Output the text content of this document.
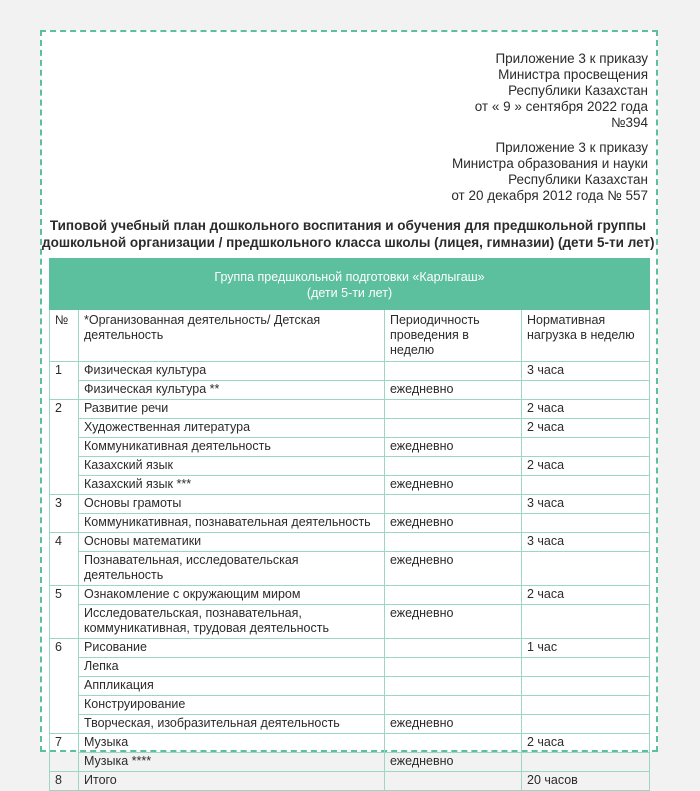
Приложение 3 к приказу
Министра просвещения
Республики Казахстан
от « 9 » сентября 2022 года
№394
Приложение 3 к приказу
Министра образования и науки
Республики Казахстан
от 20 декабря 2012 года № 557
Типовой учебный план дошкольного воспитания и обучения для предшкольной группы
дошкольной организации / предшкольного класса школы (лицея, гимназии) (дети 5-ти лет)
Группа предшкольной подготовки «Карлыгаш»
(дети 5-ти лет)			

№	*Организованная деятельность/ Детская деятельность	Периодичность проведения в неделю	Нормативная нагрузка в неделю
1	Физическая культура		3 часа
	Физическая культура **	ежедневно	
2	Развитие речи		2 часа
	Художественная литература		2 часа
	Коммуникативная деятельность	ежедневно	
	Казахский язык		2 часа
	Казахский язык ***	ежедневно	
3	Основы грамоты		3 часа
	Коммуникативная, познавательная деятельность	ежедневно	
4	Основы математики		3 часа
	Познавательная, исследовательская деятельность	ежедневно	
5	Ознакомление с окружающим миром		2 часа
	Исследовательская, познавательная, коммуникативная, трудовая деятельность	ежедневно	
6	Рисование		1 час
	Лепка		
	Аппликация		
	Конструирование		
	Творческая, изобразительная деятельность	ежедневно	
7	Музыка		2 часа
	Музыка ****	ежедневно	
8	Итого		20 часов
